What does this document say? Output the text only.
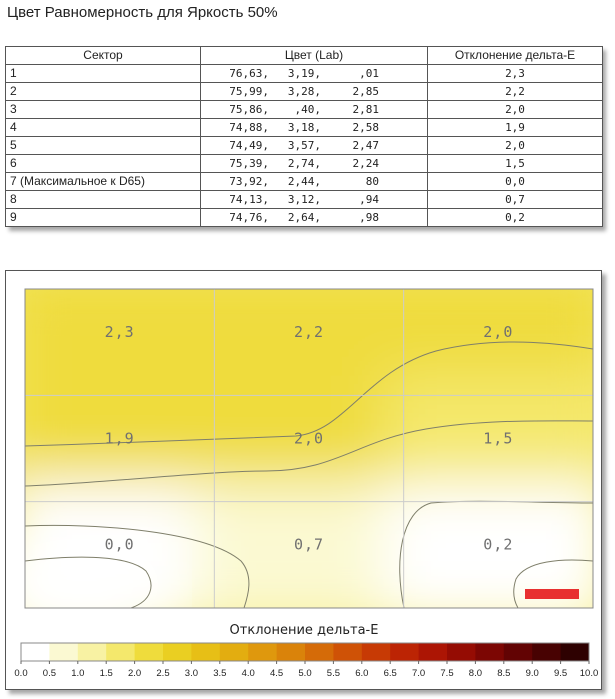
Цвет Равномерность для Яркость 50%
Сектор	Цвет (Lab)	Отклонение дельта-E
1	76,63, 3,19, ,01	2,3
2	75,99, 3,28, 2,85	2,2
3	75,86, ,40, 2,81	2,0
4	74,88, 3,18, 2,58	1,9
5	74,49, 3,57, 2,47	2,0
6	75,39, 2,74, 2,24	1,5
7 (Максимальное к D65)	73,92, 2,44, 80	0,0
8	74,13, 3,12, ,94	0,7
9	74,76, 2,64, ,98	0,2
2,3	2,2	2,0
1,9	2,0	1,5
0,0	0,7	0,2
Отклонение дельта-E
0.0 0.5 1.0 1.5 2.0 2.5 3.0 3.5 4.0 4.5 5.0 5.5 6.0 6.5 7.0 7.5 8.0 8.5 9.0 9.5 10.0
